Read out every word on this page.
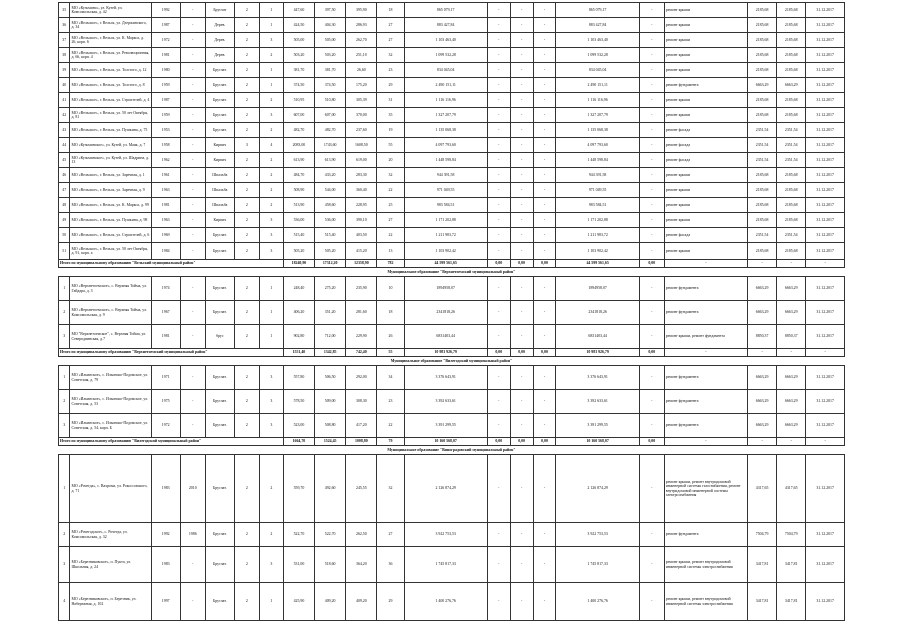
35	МО «Кузьмино», ул. Кузей, ул. Комсомольская, д. 42	1992	-	Брусчат	2	1	447,60	397,50	395,90	18	865 079,17	-	-	-	865 079,17	-	ремонт крыши	2185,68	2185,68	31.12.2017
36	МО «Вельское», г. Вельск, ул. Дзержинского, д. 34	1987	-	Дерев.	2	1	424,50	404,30	286,93	27	883 427,84	-	-	-	883 427,84	-	ремонт крыши	2185,68	2185,68	31.12.2017
37	МО «Вельское», г. Вельск, ул. К. Маркса, д. 26, корп. 6	1972	-	Дерев.	2	3	505,00	505,00	262,70	27	1 103 463,40	-	-	-	1 103 463,40	-	ремонт крыши	2185,68	2185,68	31.12.2017
38	МО «Вельское», г. Вельск, ул. Революционная, д. 66, корп. 4	1981	-	Дерев.	2	2	503,20	503,20	251,10	32	1 099 532,28	-	-	-	1 099 532,28	-	ремонт крыши	2185,68	2185,68	31.12.2017
39	МО «Вельское», г. Вельск, ул. Толстого, д. 12	1980	-	Брусчат.	2	1	381,70	381,70	26,60	23	834 045,04	-	-	-	834 045,04	-	ремонт крыши	2185,68	2185,68	31.12.2017
40	МО «Вельское», г. Вельск, ул. Толстого, д. 8	1959	-	Брусчат.	2	1	374,50	374,50	175,20	29	2 490 151,11	-	-	-	2 490 151,11	-	ремонт фундамента	6663,29	6663,29	31.12.2017
41	МО «Вельское», г. Вельск, ул. Строителей, д. 4	1987	-	Брусчат.	2	2	510,95	510,80	305,39	31	1 116 116,96	-	-	-	1 116 116,96	-	ремонт крыши	2185,68	2185,68	31.12.2017
42	МО «Вельское», г. Вельск, ул. 50 лет Октября, д. 81	1959	-	Брусчат.	2	3	607,00	607,00	370,00	35	1 327 207,79	-	-	-	1 327 207,79	-	ремонт крыши	2185,68	2185,68	31.12.2017
43	МО «Вельское», г. Вельск, ул. Пушкина, д. 75	1953	-	Брусчат.	2	2	482,70	482,70	237,60	19	1 135 068,38	-	-	-	1 135 068,38	-	ремонт фасада	2351,54	2351,54	31.12.2017
44	МО «Кузьминское», ул. Кузей, ул. Маяк, д. 7	1958	-	Кирпич	3	4	2083,00	1743,60	1608,50	55	4 097 793,60	-	-	-	4 097 793,60	-	ремонт фасада	2351,54	2351,54	31.12.2017
45	МО «Кузьминское», ул. Кузей, ул. Шадрина, д. 13	1962	-	Кирпич	2	2	613,90	613,90	619,00	20	1 448 598,84	-	-	-	1 448 598,84	-	ремонт фасада	2351,54	2351,54	31.12.2017
46	МО «Вельское», г. Вельск, ул. Заречная, д. 1	1961	-	Шпальба	2	2	484,70	433,20	283,30	32	944 391,58	-	-	-	944 391,58	-	ремонт крыши	2185,68	2185,68	31.12.2017
47	МО «Вельское», г. Вельск, ул. Заречная, д. 9	1963	-	Шпальба	2	2	508,90	544,00	360,40	22	971 049,55	-	-	-	971 049,55	-	ремонт крыши	2185,68	2185,68	31.12.2017
48	МО «Вельское», г. Вельск, ул. К. Маркса, д. 99	1981	-	Шпальба	2	2	513,90	458,60	228,95	25	983 584,51	-	-	-	983 584,51	-	ремонт крыши	2185,68	2185,68	31.12.2017
49	МО «Вельское», г. Вельск, ул. Пушкина, д. 98	1963	-	Кирпич	2	3	536,00	536,00	390,10	27	1 171 202,88	-	-	-	1 171 202,88	-	ремонт крыши	2185,68	2185,68	31.12.2017
50	МО «Вельское», г. Вельск, ул. Строителей, д. 6	1969	-	Брусчат.	2	3	515,40	515,40	403,50	22	1 211 983,72	-	-	-	1 211 983,72	-	ремонт фасада	2351,54	2351,54	31.12.2017
51	МО «Вельское», г. Вельск, ул. 50 лет Октября, д. 91, корп. а	1984	-	Брусчат.	2	3	505,20	505,20	415,20	13	1 103 902,42	-	-	-	1 103 902,42	-	ремонт крыши	2185,68	2185,68	31.12.2017
Итого по муниципальному образованию "Вельский муниципальный район"							18240,90	17312,20	12358,90	782	44 599 561,65	0,00	0,00	0,00	44 599 561,65	0,00	-	-	-	-
Муниципальное образование "Верхнетоемский муниципальный район"																				
1	МО «Верхнетоемское», с. Верхняя Тойма, ул. Гайдара, д. 3	1974	-	Брусчат.	2	1	248,40	275,20	235,90	10	1894958,07	-	-	-	1894958,07	-	ремонт фундамента	6663,29	6663,29	31.12.2017
2	МО «Верхнетоемское», с. Верхняя Тойма, ул. Комсомольская, д. 9	1967	-	Брусчат.	2	1	406,20	351,20	281,60	18	2341818,26	-	-	-	2341818,26	-	ремонт фундамента	6663,29	6663,29	31.12.2017
3	МО "Верхнетоемское", с. Верхняя Тойма, ул. Северодвинская, д.7	1981	-	брус	2	1	902,80	712,00	229,90	26	6831403,44	-	-	-	6831403,44	-	ремонт крыши, ремонт фундамента	8850,37	8850,37	31.12.2017
Итого по муниципальному образованию "Верхнетоемский муниципальный район"							1551,40	1342,85	742,40	55	10 983 926,79	0,00	0,00	0,00	10 983 926,79	0,00	-	-	-	-
Муниципальное образование "Вилегодский муниципальный район"																				
1	МО «Ильинское», с. Ильинско-Подомское, ул. Советская, д. 79	1971	-	Брусчат.	2	3	557,80	506,50	292,00	34	3 376 643,91	-	-	-	3 376 643,91	-	ремонт фундамента	6663,29	6663,29	31.12.2017
2	МО «Ильинское», с. Ильинско-Подомское, ул. Советская, д. 53	1975	-	Брусчат.	2	3	578,50	509,00	308,30	23	3 392 633,61	-	-	-	3 392 633,61	-	ремонт фундамента	6663,29	6663,29	31.12.2017
3	МО «Ильинское», с. Ильинско-Подомское, ул. Советская, д. 54, корп. Б	1972	-	Брусчат.	2	3	523,00	508,80	417,20	22	3 391 299,55	-	-	-	3 391 299,55	-	ремонт фундамента	6663,29	6663,29	31.12.2017
Итого по муниципальному образованию "Вилегодский муниципальный район"							1664,70	1524,45	1008,80	79	10 160 568,07	0,00	0,00	0,00	10 160 568,07	0,00	-	-	-	-
Муниципальное образование "Виноградовский муниципальный район"																				
1	МО «Рочегда», с. Вахрома, ул. Рокоссовского, д. 71	1983	2010	Брусчат.	2	2	559,70	492,60	245,55	32	2 126 874,29	-	-	-	2 126 874,29	-	ремонт крыши, ремонт внутридомовой инженерной системы газоснабжения, ремонт внутридомовой инженерной системы электроснабжения	4317,65	4317,65	31.12.2017
2	МО «Рочегодское», с. Рочегда, ул. Комсомольская, д. 32	1992	1986	Брусчат.	2	2	522,70	522,70	262,50	27	3 922 753,53	-	-	-	3 922 753,53	-	ремонт фундамента	7504,79	7504,79	31.12.2017
3	МО «Березниковское», п. Пукта, ул. Школьная, д. 24	1983	-	Брусчат.	2	3	531,00	518,60	364,20	36	1 745 817,33	-	-	-	1 745 817,33	-	ремонт крыши, ремонт внутридомовой инженерной системы электроснабжения	3417,81	3417,81	31.12.2017
4	МО «Березниковское», п. Березник, ул. Набережная, д. 102	1997	-	Брусчат.	2	1	425,90	409,20	409,20	29	1 400 276,76	-	-	-	1 400 276,76	-	ремонт крыши, ремонт внутридомовой инженерной системы электроснабжения	3417,81	3417,81	31.12.2017
